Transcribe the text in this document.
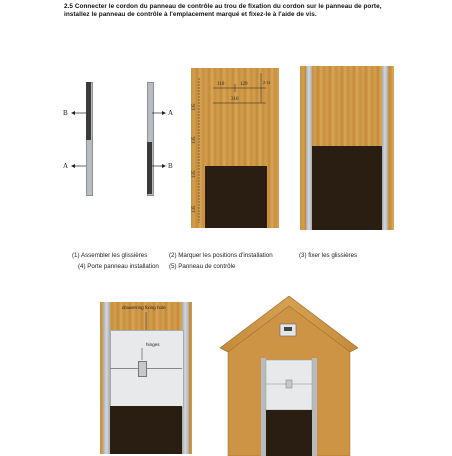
2.5 Connecter le cordon du panneau de contrôle au trou de fixation du cordon sur le panneau de porte,
installez le panneau de contrôle à l'emplacement marqué et fixez-le à l'aide de vis.
B
A
A
B
110	129
316
135
135
135
135
2-12
(1) Assembler les glissières	(2) Marquer les positions d'installation	(3) fixer les glissières
(4) Porte panneau installation (5) Panneau de contrôle
drawerring fixing hole
hinges
